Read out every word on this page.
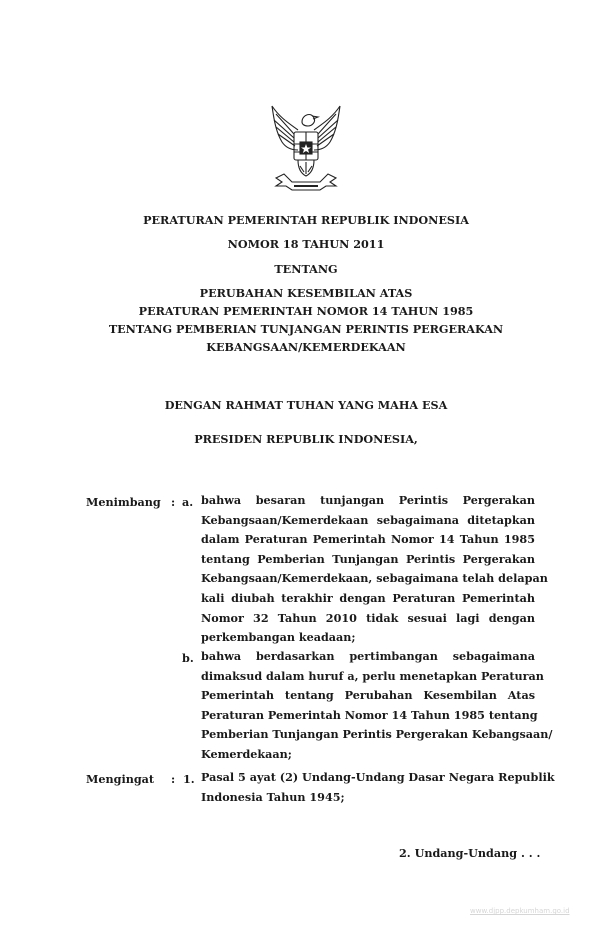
PERATURAN PEMERINTAH REPUBLIK INDONESIA
NOMOR 18 TAHUN 2011
TENTANG
PERUBAHAN KESEMBILAN ATAS
PERATURAN PEMERINTAH NOMOR 14 TAHUN 1985
TENTANG PEMBERIAN TUNJANGAN PERINTIS PERGERAKAN
KEBANGSAAN/KEMERDEKAAN
DENGAN RAHMAT TUHAN YANG MAHA ESA
PRESIDEN REPUBLIK INDONESIA,
Menimbang : a. bahwa besaran tunjangan Perintis Pergerakan
Kebangsaan/Kemerdekaan sebagaimana ditetapkan
dalam Peraturan Pemerintah Nomor 14 Tahun 1985
tentang Pemberian Tunjangan Perintis Pergerakan
Kebangsaan/Kemerdekaan, sebagaimana telah delapan
kali diubah terakhir dengan Peraturan Pemerintah
Nomor 32 Tahun 2010 tidak sesuai lagi dengan
perkembangan keadaan;
b. bahwa berdasarkan pertimbangan sebagaimana
dimaksud dalam huruf a, perlu menetapkan Peraturan
Pemerintah tentang Perubahan Kesembilan Atas
Peraturan Pemerintah Nomor 14 Tahun 1985 tentang
Pemberian Tunjangan Perintis Pergerakan Kebangsaan/
Kemerdekaan;
Mengingat : 1. Pasal 5 ayat (2) Undang-Undang Dasar Negara Republik
Indonesia Tahun 1945;
2. Undang-Undang . . .
www.djpp.depkumham.go.id
